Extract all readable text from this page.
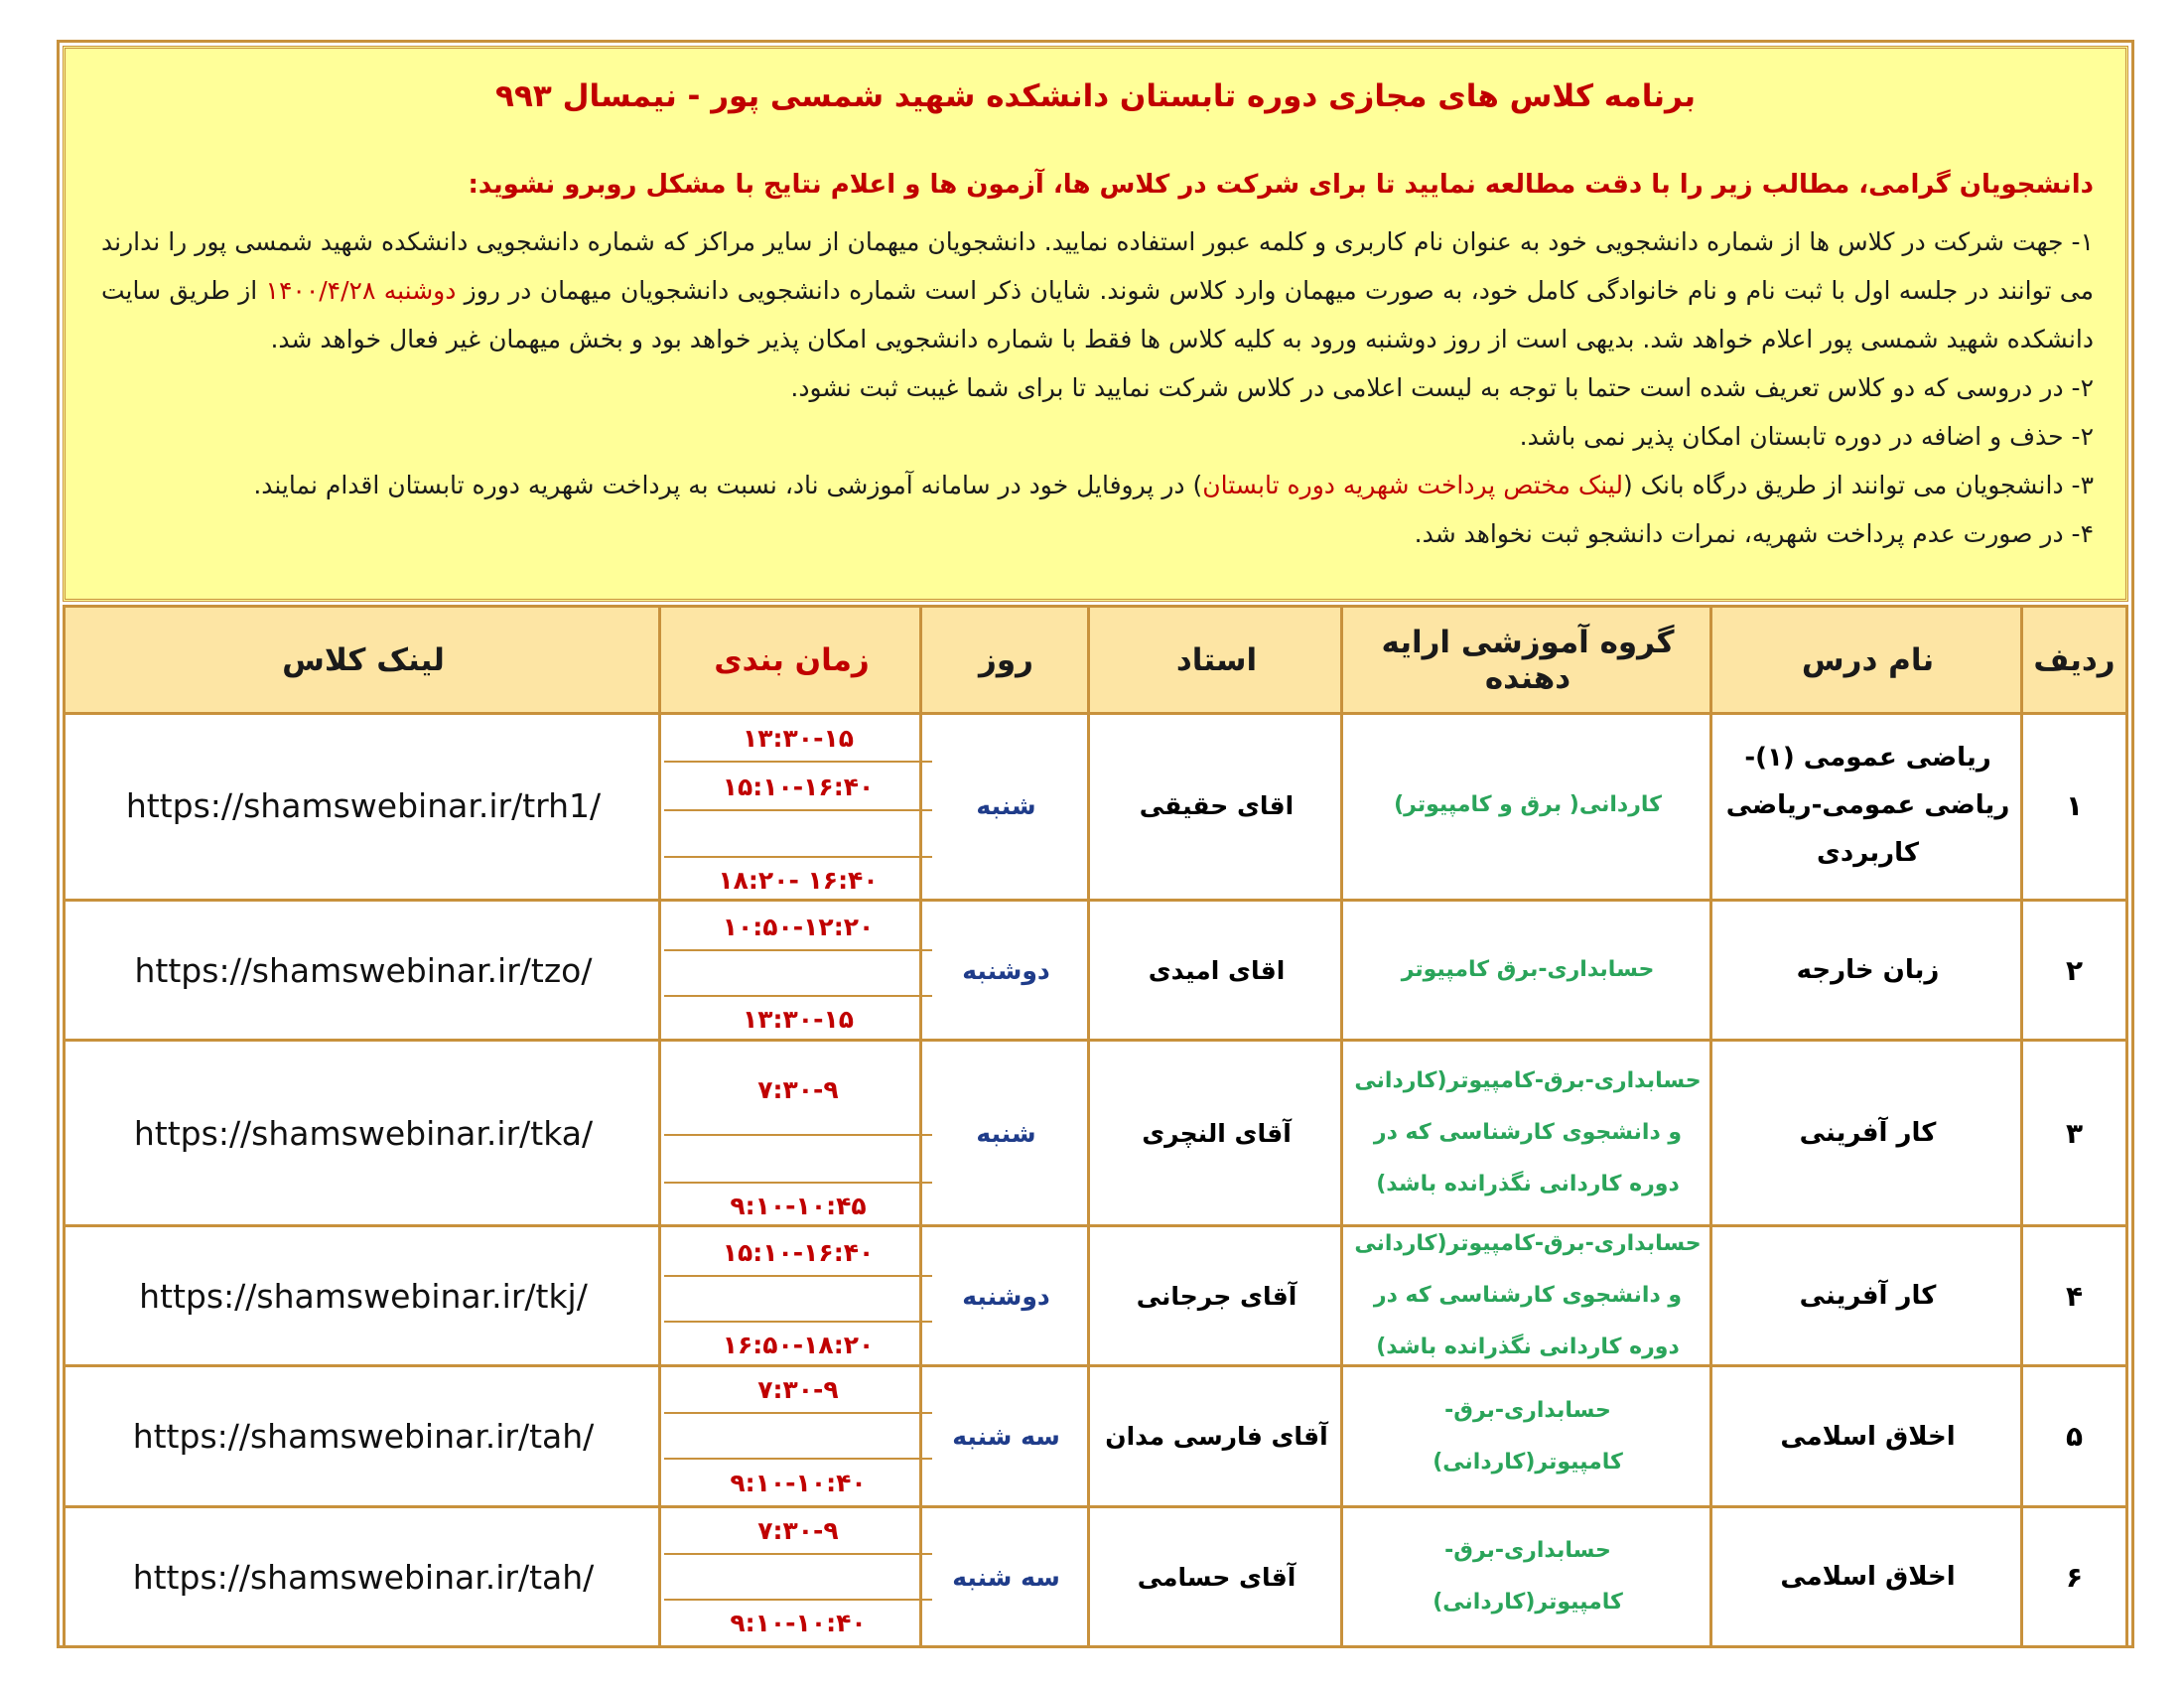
برنامه کلاس های مجازی دوره تابستان دانشکده شهید شمسی پور - نیمسال ۹۹۳
دانشجویان گرامی، مطالب زیر را با دقت مطالعه نمایید تا برای شرکت در کلاس ها، آزمون ها و اعلام نتایج با مشکل روبرو نشوید:

۱- جهت شرکت در کلاس ها از شماره دانشجویی خود به عنوان نام کاربری و کلمه عبور استفاده نمایید. دانشجویان میهمان از سایر مراکز که شماره دانشجویی دانشکده شهید شمسی پور را ندارند می توانند در جلسه اول با ثبت نام و نام خانوادگی کامل خود، به صورت میهمان وارد کلاس شوند. شایان ذکر است شماره دانشجویی دانشجویان میهمان در روز دوشنبه ۱۴۰۰/۴/۲۸ از طریق سایت دانشکده شهید شمسی پور اعلام خواهد شد. بدیهی است از روز دوشنبه ورود به کلیه کلاس ها فقط با شماره دانشجویی امکان پذیر خواهد بود و بخش میهمان غیر فعال خواهد شد.

۲- در دروسی که دو کلاس تعریف شده است حتما با توجه به لیست اعلامی در کلاس شرکت نمایید تا برای شما غیبت ثبت نشود.

۲- حذف و اضافه در دوره تابستان امکان پذیر نمی باشد.

۳- دانشجویان می توانند از طریق درگاه بانک (لینک مختص پرداخت شهریه دوره تابستان) در پروفایل خود در سامانه آموزشی ناد، نسبت به پرداخت شهریه دوره تابستان اقدام نمایند.

۴- در صورت عدم پرداخت شهریه، نمرات دانشجو ثبت نخواهد شد.

ردیف
نام درس
گروه آموزشی ارایه دهنده
استاد
روز
زمان بندی
لینک کلاس
۱
ریاضی عمومی (۱)-ریاضی عمومی-ریاضی کاربردی
کاردانی( برق و کامپیوتر)
اقای حقیقی
شنبه
۱۳:۳۰-۱۵
۱۵:۱۰-۱۶:۴۰
۱۶:۴۰ -۱۸:۲۰
https://shamswebinar.ir/trh1/
۲
زبان خارجه
حسابداری-برق کامپیوتر
اقای امیدی
دوشنبه
۱۰:۵۰-۱۲:۲۰
۱۳:۳۰-۱۵
https://shamswebinar.ir/tzo/
۳
کار آفرینی
حسابداری-برق-کامپیوتر(کاردانی و دانشجوی کارشناسی که در دوره کاردانی نگذرانده باشد)
آقای النچری
شنبه
۷:۳۰-۹
۹:۱۰-۱۰:۴۵
https://shamswebinar.ir/tka/
۴
کار آفرینی
حسابداری-برق-کامپیوتر(کاردانی و دانشجوی کارشناسی که در دوره کاردانی نگذرانده باشد)
آقای جرجانی
دوشنبه
۱۵:۱۰-۱۶:۴۰
۱۶:۵۰-۱۸:۲۰
https://shamswebinar.ir/tkj/
۵
اخلاق اسلامی
حسابداری-برق-کامپیوتر(کاردانی)
آقای فارسی مدان
سه شنبه
۷:۳۰-۹
۹:۱۰-۱۰:۴۰
https://shamswebinar.ir/tah/
۶
اخلاق اسلامی
حسابداری-برق-کامپیوتر(کاردانی)
آقای حسامی
سه شنبه
۷:۳۰-۹
۹:۱۰-۱۰:۴۰
https://shamswebinar.ir/tah/
